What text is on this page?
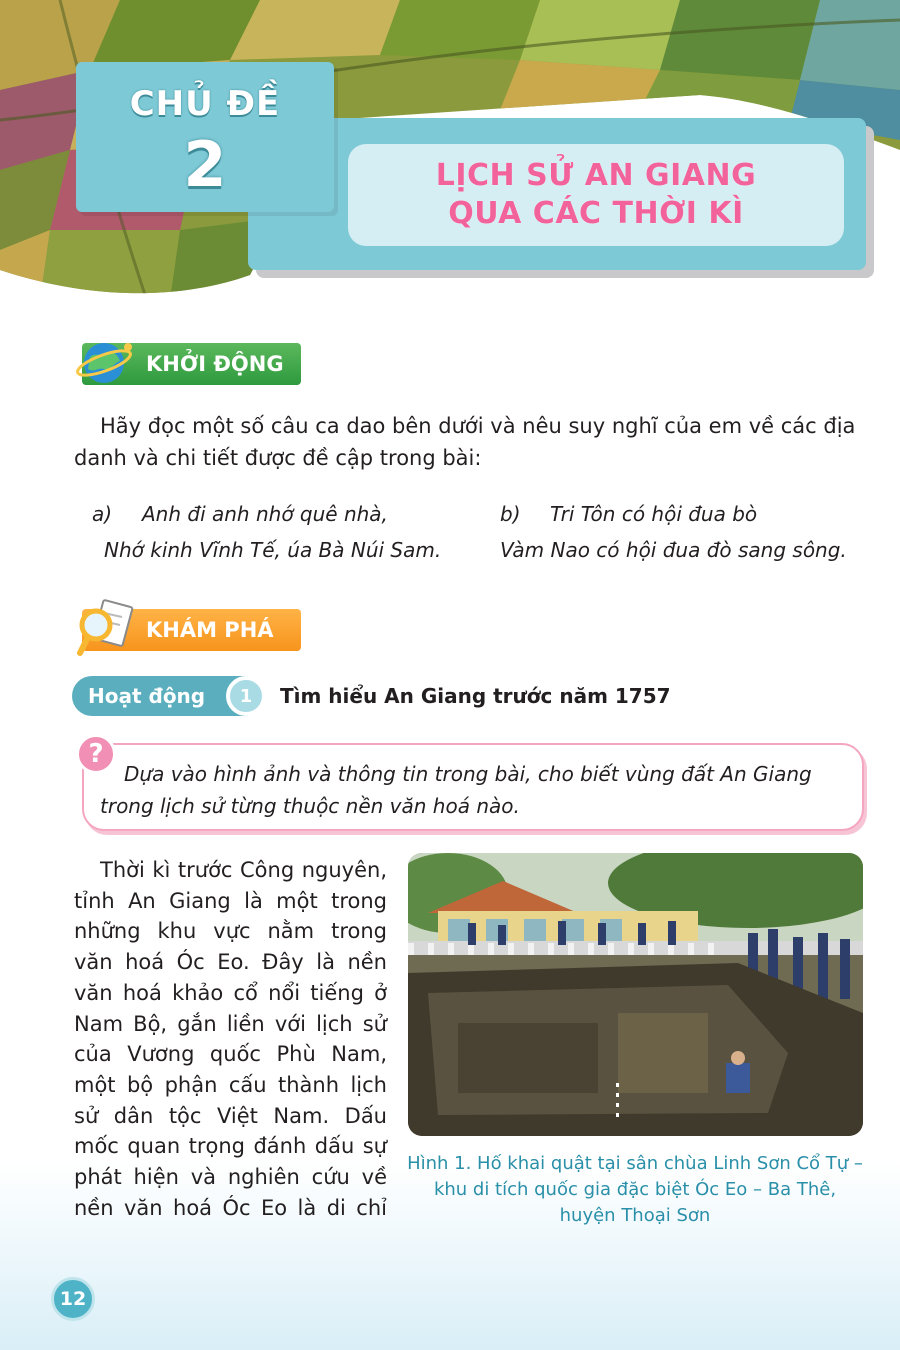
LỊCH SỬ AN GIANG
QUA CÁC THỜI KÌ
CHỦ ĐỀ
2
KHỞI ĐỘNG

Hãy đọc một số câu ca dao bên dưới và nêu suy nghĩ của em về các địa danh và chi tiết được đề cập trong bài:

a) Anh đi anh nhớ quê nhà,
Nhớ kinh Vĩnh Tế, úa Bà Núi Sam.
b) Tri Tôn có hội đua bò
Vàm Nao có hội đua đò sang sông.
KHÁM PHÁ
Hoạt động	1	Tìm hiểu An Giang trước năm 1757
?

Dựa vào hình ảnh và thông tin trong bài, cho biết vùng đất An Giang trong lịch sử từng thuộc nền văn hoá nào.

Thời kì trước Công nguyên, tỉnh An Giang là một trong những khu vực nằm trong văn hoá Óc Eo. Đây là nền văn hoá khảo cổ nổi tiếng ở Nam Bộ, gắn liền với lịch sử của Vương quốc Phù Nam, một bộ phận cấu thành lịch sử dân tộc Việt Nam. Dấu mốc quan trọng đánh dấu sự phát hiện và nghiên cứu về nền văn hoá Óc Eo là di chỉ

Hình 1. Hố khai quật tại sân chùa Linh Sơn Cổ Tự – khu di tích quốc gia đặc biệt Óc Eo – Ba Thê, huyện Thoại Sơn

12
